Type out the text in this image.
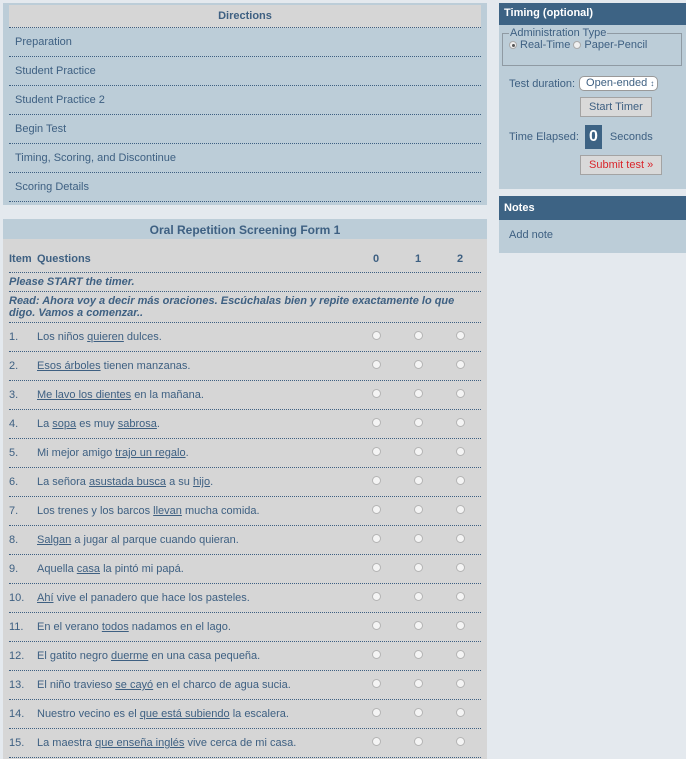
Directions
Preparation
Student Practice
Student Practice 2
Begin Test
Timing, Scoring, and Discontinue
Scoring Details
Oral Repetition Screening Form 1
Item Questions	0	1	2
Please START the timer.
Read: Ahora voy a decir más oraciones. Escúchalas bien y repite exactamente lo que digo. Vamos a comenzar..
1.	Los niños quieren dulces.
2.	Esos árboles tienen manzanas.
3.	Me lavo los dientes en la mañana.
4.	La sopa es muy sabrosa.
5.	Mi mejor amigo trajo un regalo.
6.	La señora asustada busca a su hijo.
7.	Los trenes y los barcos llevan mucha comida.
8.	Salgan a jugar al parque cuando quieran.
9.	Aquella casa la pintó mi papá.
10.	Ahí vive el panadero que hace los pasteles.
11.	En el verano todos nadamos en el lago.
12.	El gatito negro duerme en una casa pequeña.
13.	El niño travieso se cayó en el charco de agua sucia.
14.	Nuestro vecino es el que está subiendo la escalera.
15.	La maestra que enseña inglés vive cerca de mi casa.
Timing (optional)
Administration Type
Real-Time
Paper-Pencil
Test duration:	Open-ended ↕
Start Timer
Time Elapsed: 0	Seconds
Submit test »
Notes
Add note
